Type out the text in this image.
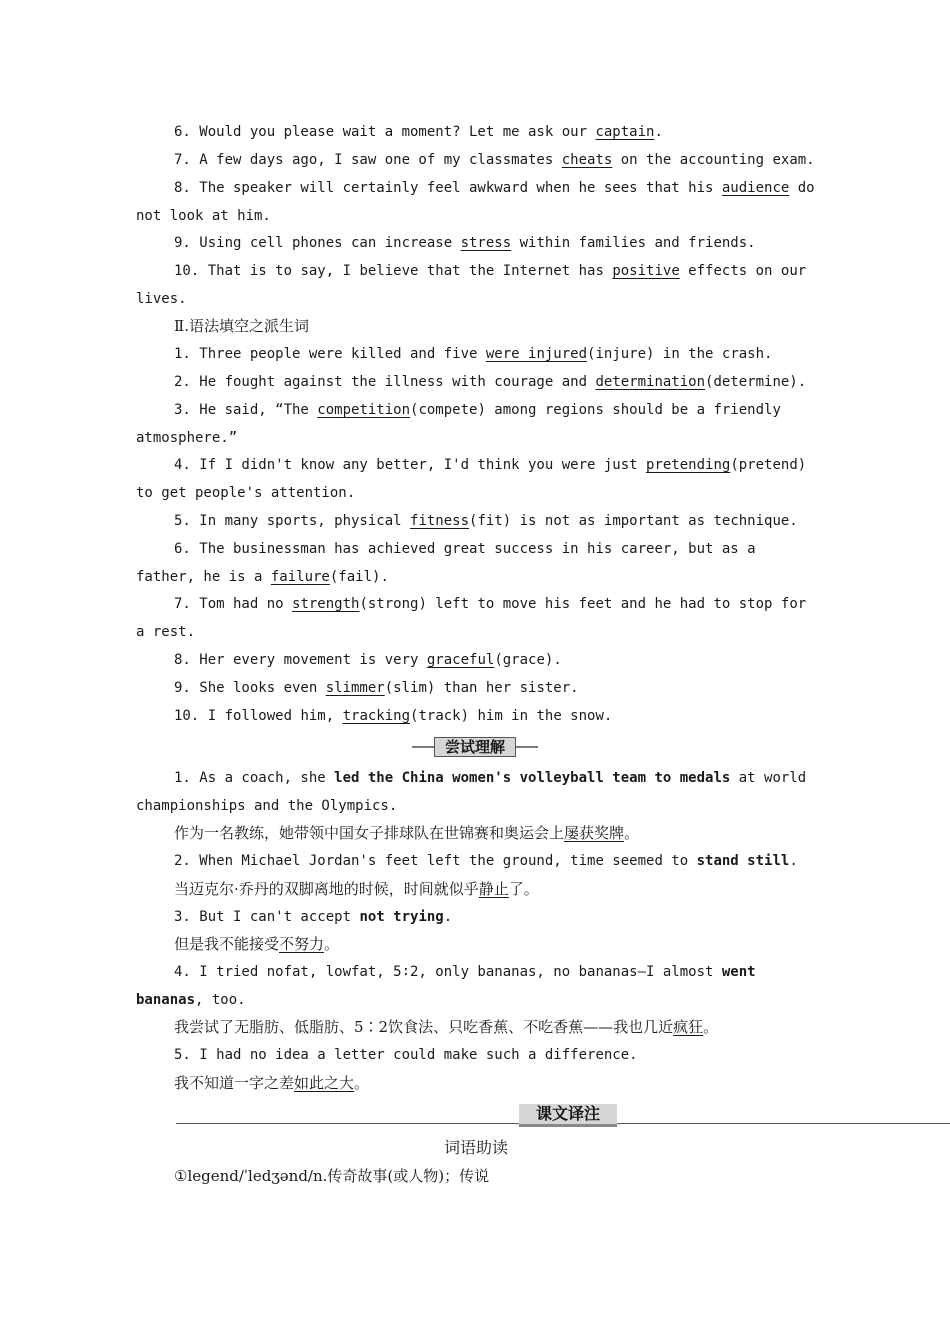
6. Would you please wait a moment? Let me ask our captain.
7. A few days ago, I saw one of my classmates cheats on the accounting exam.
8. The speaker will certainly feel awkward when he sees that his audience do
not look at him.
9. Using cell phones can increase stress within families and friends.
10. That is to say, I believe that the Internet has positive effects on our
lives.
Ⅱ.语法填空之派生词
1. Three people were killed and five were injured(injure) in the crash.
2. He fought against the illness with courage and determination(determine).
3. He said, “The competition(compete) among regions should be a friendly
atmosphere.”
4. If I didn't know any better, I'd think you were just pretending(pretend)
to get people's attention.
5. In many sports, physical fitness(fit) is not as important as technique.
6. The businessman has achieved great success in his career, but as a
father, he is a failure(fail).
7. Tom had no strength(strong) left to move his feet and he had to stop for
a rest.
8. Her every movement is very graceful(grace).
9. She looks even slimmer(slim) than her sister.
10. I followed him, tracking(track) him in the snow.
尝试理解
1. As a coach, she led the China women's volleyball team to medals at world
championships and the Olympics.
作为一名教练，她带领中国女子排球队在世锦赛和奥运会上屡获奖牌。
2. When Michael Jordan's feet left the ground, time seemed to stand still.
当迈克尔·乔丹的双脚离地的时候，时间就似乎静止了。
3. But I can't accept not trying.
但是我不能接受不努力。
4. I tried nofat, lowfat, 5∶2, only bananas, no bananas—I almost went
bananas, too.
我尝试了无脂肪、低脂肪、5∶2饮食法、只吃香蕉、不吃香蕉——我也几近疯狂。
5. I had no idea a letter could make such a difference.
我不知道一字之差如此之大。
课文译注
词语助读
①legend/ˈledʒənd/n.传奇故事(或人物)；传说
